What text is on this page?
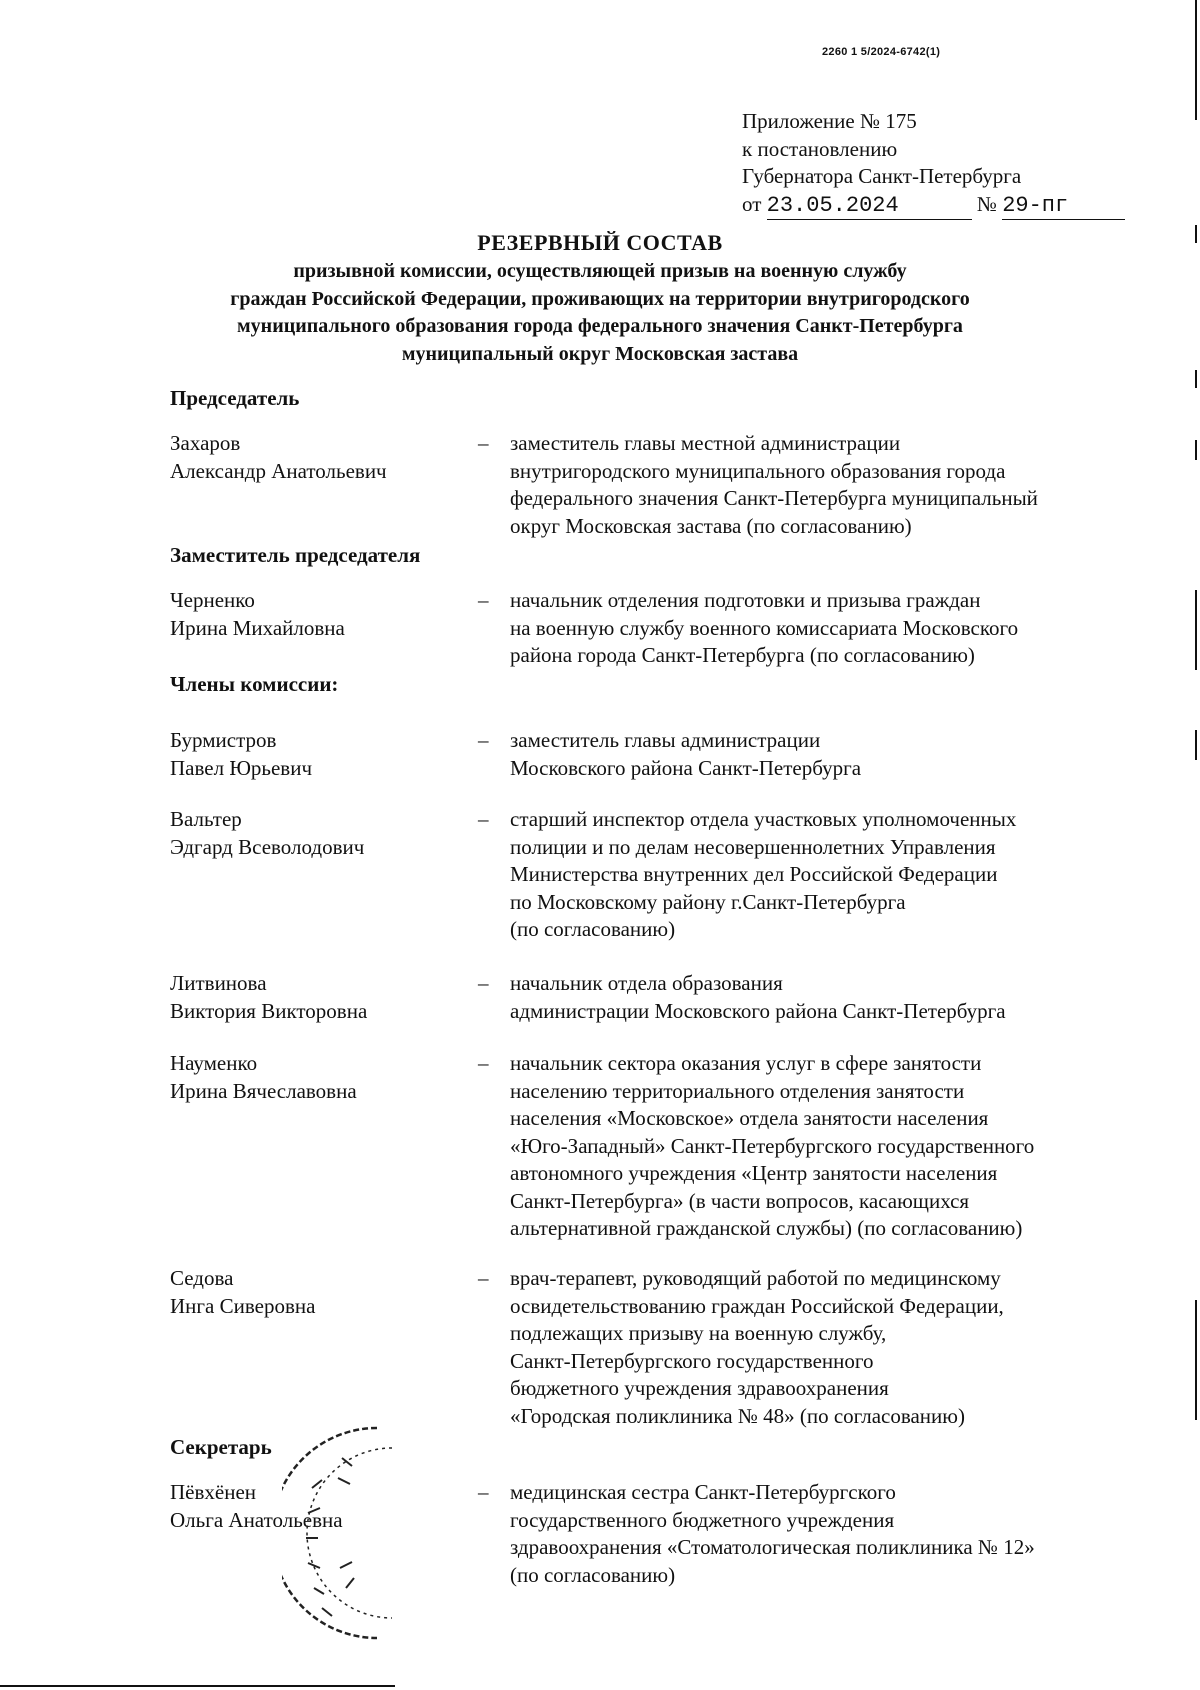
2260 1 5/2024-6742(1)
Приложение № 175
к постановлению
Губернатора Санкт-Петербурга
от 23.05.2024	№ 29-пг
РЕЗЕРВНЫЙ СОСТАВ
призывной комиссии, осуществляющей призыв на военную службу
граждан Российской Федерации, проживающих на территории внутригородского
муниципального образования города федерального значения Санкт-Петербурга
муниципальный округ Московская застава
Председатель
Захаров
Александр Анатольевич
– заместитель главы местной администрации
внутригородского муниципального образования города
федерального значения Санкт-Петербурга муниципальный
округ Московская застава (по согласованию)
Заместитель председателя
Черненко
Ирина Михайловна
– начальник отделения подготовки и призыва граждан
на военную службу военного комиссариата Московского
района города Санкт-Петербурга (по согласованию)
Члены комиссии:
Бурмистров
Павел Юрьевич
– заместитель главы администрации
Московского района Санкт-Петербурга
Вальтер
Эдгард Всеволодович
– старший инспектор отдела участковых уполномоченных
полиции и по делам несовершеннолетних Управления
Министерства внутренних дел Российской Федерации
по Московскому району г.Санкт-Петербурга
(по согласованию)
Литвинова
Виктория Викторовна
– начальник отдела образования
администрации Московского района Санкт-Петербурга
Науменко
Ирина Вячеславовна
– начальник сектора оказания услуг в сфере занятости
населению территориального отделения занятости
населения «Московское» отдела занятости населения
«Юго-Западный» Санкт-Петербургского государственного
автономного учреждения «Центр занятости населения
Санкт-Петербурга» (в части вопросов, касающихся
альтернативной гражданской службы) (по согласованию)
Седова
Инга Сиверовна
– врач-терапевт, руководящий работой по медицинскому
освидетельствованию граждан Российской Федерации,
подлежащих призыву на военную службу,
Санкт-Петербургского государственного
бюджетного учреждения здравоохранения
«Городская поликлиника № 48» (по согласованию)
Секретарь
Пёвхёнен
Ольга Анатольевна
– медицинская сестра Санкт-Петербургского
государственного бюджетного учреждения
здравоохранения «Стоматологическая поликлиника № 12»
(по согласованию)
